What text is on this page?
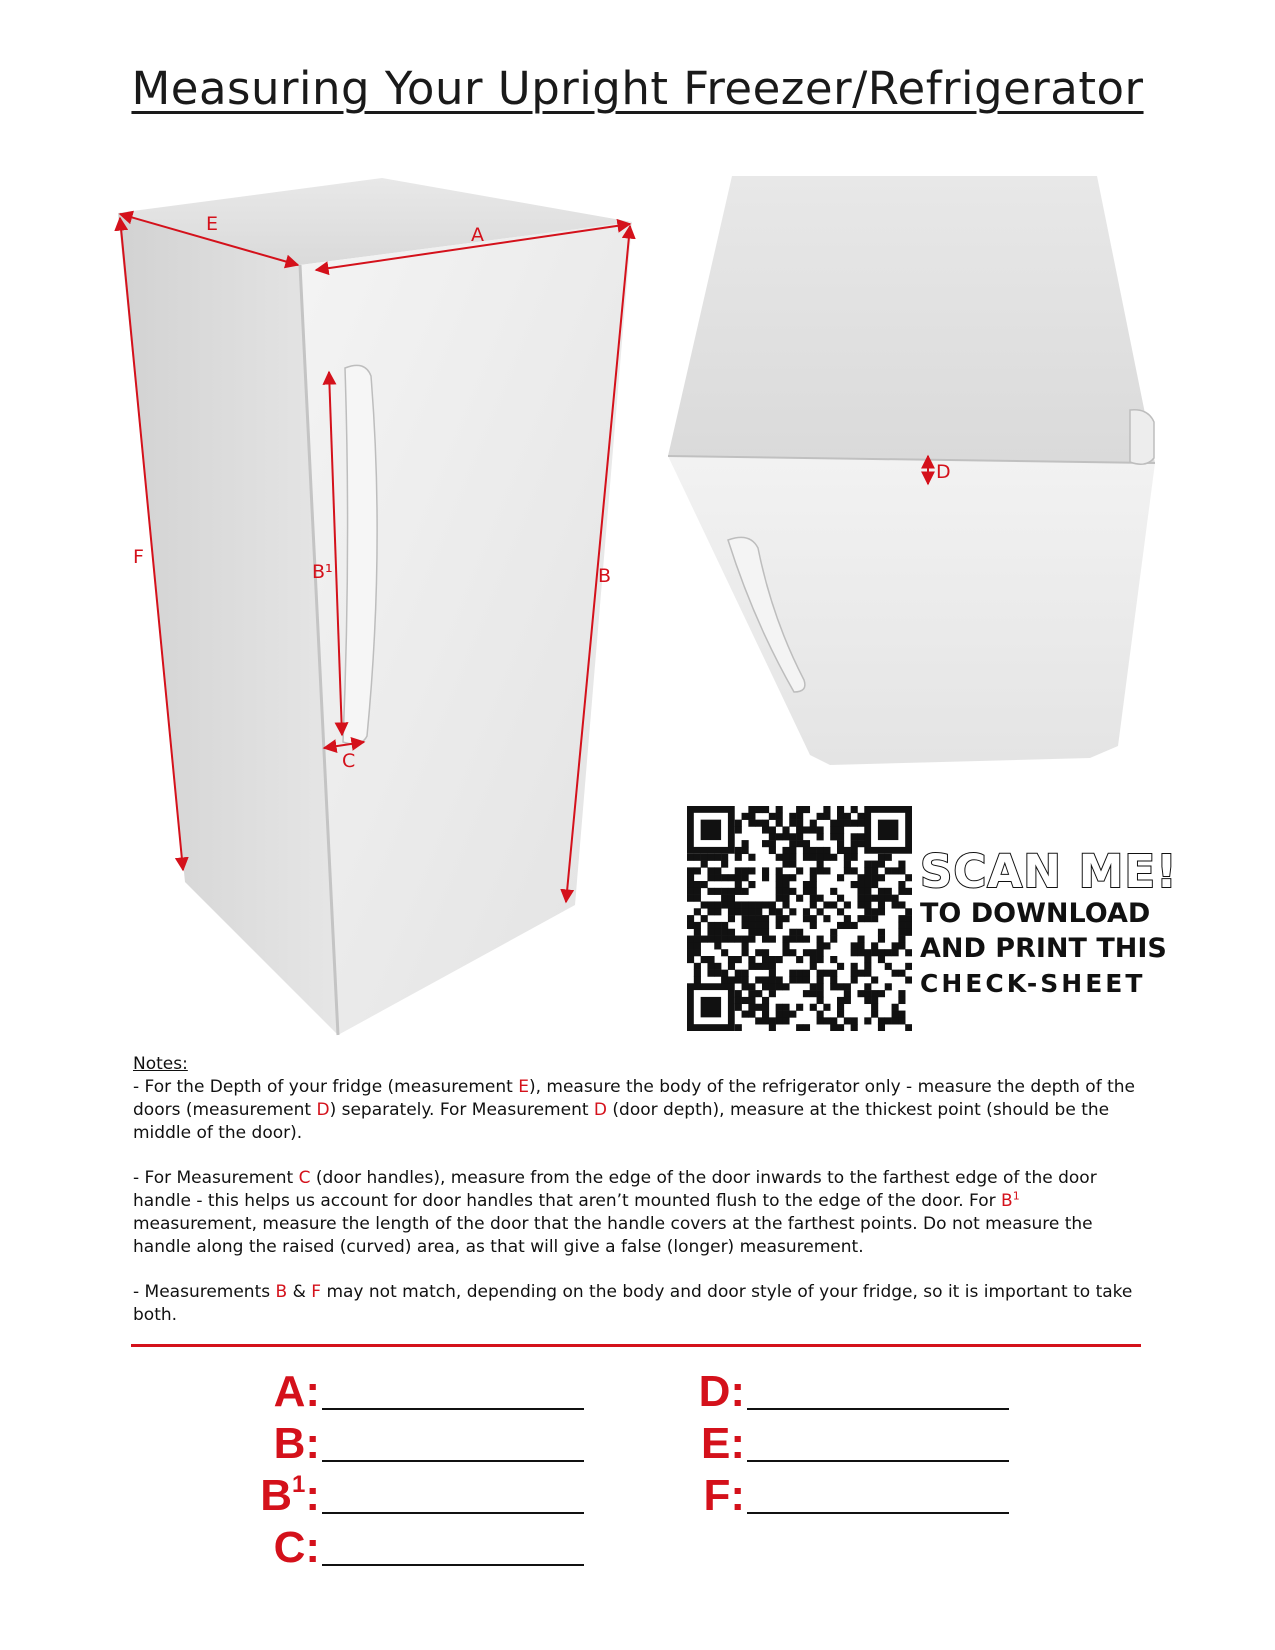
Measuring Your Upright Freezer/Refrigerator
E	A
F
B
B¹
C
D
SCAN ME!
TO DOWNLOAD
AND PRINT THIS
CHECK-SHEET
Notes:

- For the Depth of your fridge (measurement E), measure the body of the refrigerator only - measure the depth of the doors (measurement D) separately. For Measurement D (door depth), measure at the thickest point (should be the middle of the door).

- For Measurement C (door handles), measure from the edge of the door inwards to the farthest edge of the door handle - this helps us account for door handles that aren’t mounted flush to the edge of the door. For $B^1$ measurement, measure the length of the door that the handle covers at the farthest points. Do not measure the handle along the raised (curved) area, as that will give a false (longer) measurement.

- Measurements B & F may not match, depending on the body and door style of your fridge, so it is important to take both.

A:
B:
$B^1$:
C:
D:
E:
F:
